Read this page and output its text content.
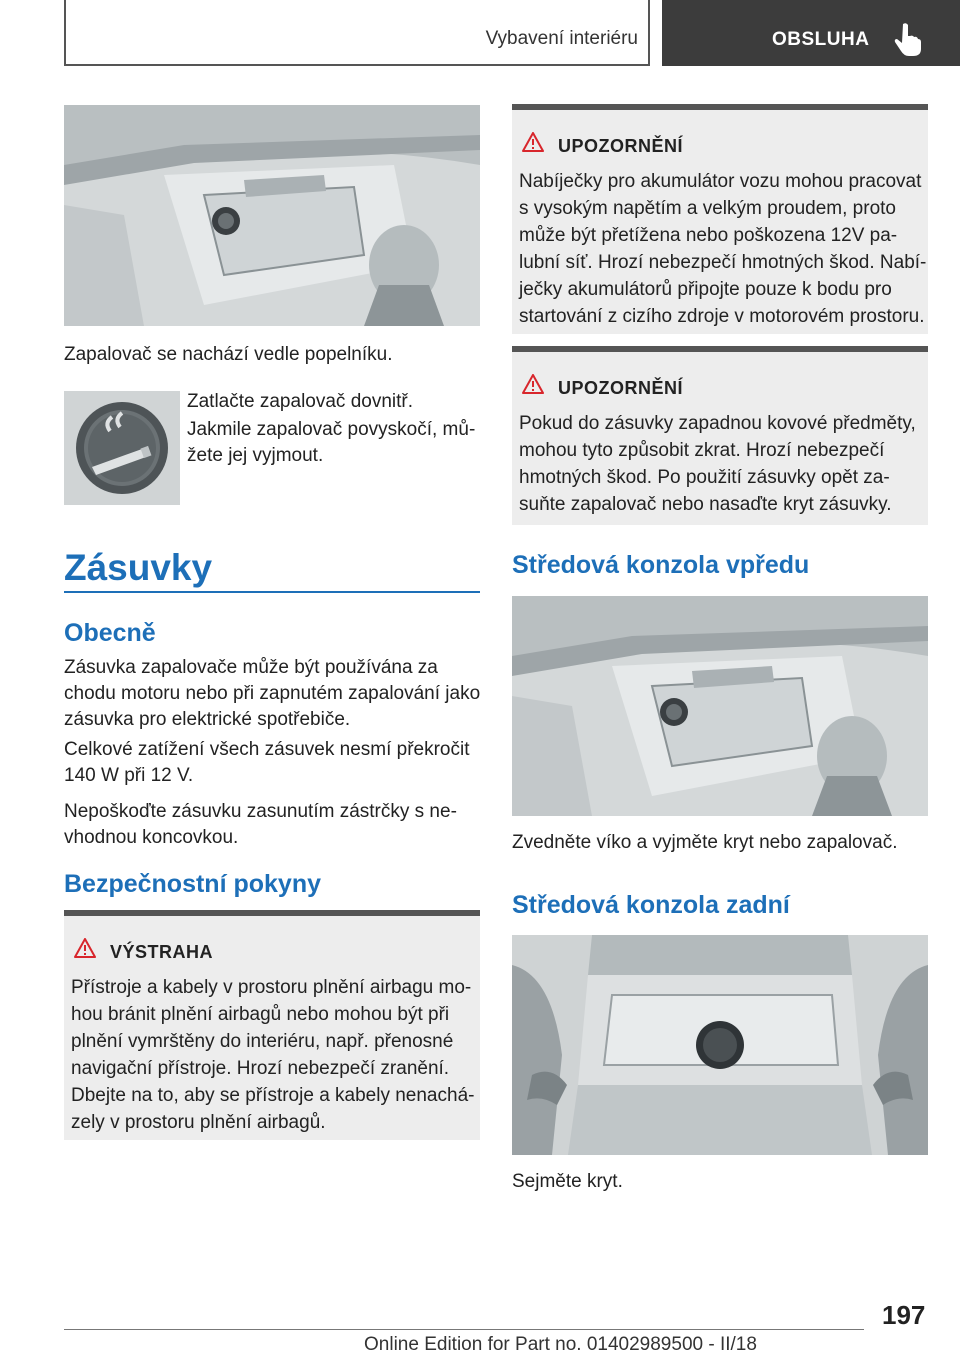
Vybavení interiéru	OBSLUHA

Zapalovač se nachází vedle popelníku.

Zatlačte zapalovač dovnitř.

Jakmile zapalovač povyskočí, mů-
žete jej vyjmout.

Zásuvky
Obecně

Zásuvka zapalovače může být používána za chodu motoru nebo při zapnutém zapalování jako zásuvka pro elektrické spotřebiče.

Celkové zatížení všech zásuvek nesmí překročit 140 W při 12 V.

Nepoškoďte zásuvku zasunutím zástrčky s ne-
vhodnou koncovkou.

Bezpečnostní pokyny
VÝSTRAHA

Přístroje a kabely v prostoru plnění airbagu mo-
hou bránit plnění airbagů nebo mohou být při plnění vymrštěny do interiéru, např. přenosné navigační přístroje. Hrozí nebezpečí zranění. Dbejte na to, aby se přístroje a kabely nenachá-
zely v prostoru plnění airbagů.

UPOZORNĚNÍ

Nabíječky pro akumulátor vozu mohou pracovat s vysokým napětím a velkým proudem, proto může být přetížena nebo poškozena 12V pa-
lubní síť. Hrozí nebezpečí hmotných škod. Nabí-
ječky akumulátorů připojte pouze k bodu pro startování z cizího zdroje v motorovém prostoru.

UPOZORNĚNÍ

Pokud do zásuvky zapadnou kovové předměty, mohou tyto způsobit zkrat. Hrozí nebezpečí hmotných škod. Po použití zásuvky opět za-
suňte zapalovač nebo nasaďte kryt zásuvky.

Středová konzola vpředu

Zvedněte víko a vyjměte kryt nebo zapalovač.

Středová konzola zadní

Sejměte kryt.

197
Online Edition for Part no. 01402989500 - II/18
